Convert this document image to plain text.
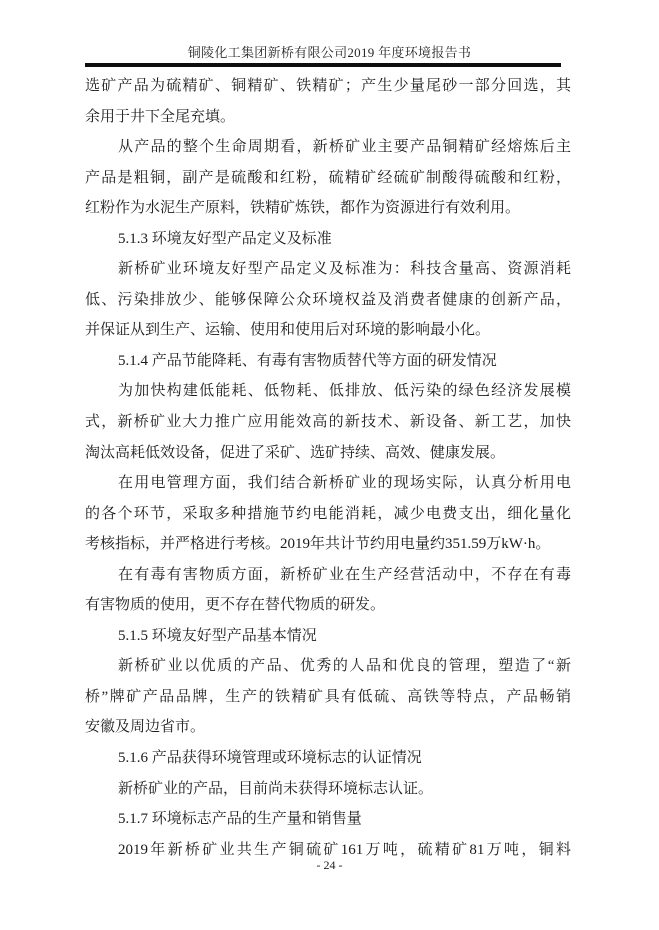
铜陵化工集团新桥有限公司2019 年度环境报告书
选矿产品为硫精矿、铜精矿、铁精矿；产生少量尾砂一部分回选，其
余用于井下全尾充填。
从产品的整个生命周期看，新桥矿业主要产品铜精矿经熔炼后主
产品是粗铜，副产是硫酸和红粉，硫精矿经硫矿制酸得硫酸和红粉，
红粉作为水泥生产原料，铁精矿炼铁，都作为资源进行有效利用。
5.1.3 环境友好型产品定义及标准
新桥矿业环境友好型产品定义及标准为：科技含量高、资源消耗
低、污染排放少、能够保障公众环境权益及消费者健康的创新产品，
并保证从到生产、运输、使用和使用后对环境的影响最小化。
5.1.4 产品节能降耗、有毒有害物质替代等方面的研发情况
为加快构建低能耗、低物耗、低排放、低污染的绿色经济发展模
式，新桥矿业大力推广应用能效高的新技术、新设备、新工艺，加快
淘汰高耗低效设备，促进了采矿、选矿持续、高效、健康发展。
在用电管理方面，我们结合新桥矿业的现场实际，认真分析用电
的各个环节，采取多种措施节约电能消耗，减少电费支出，细化量化
考核指标，并严格进行考核。2019年共计节约用电量约351.59万kW·h。
在有毒有害物质方面，新桥矿业在生产经营活动中，不存在有毒
有害物质的使用，更不存在替代物质的研发。
5.1.5 环境友好型产品基本情况
新桥矿业以优质的产品、优秀的人品和优良的管理，塑造了“新
桥”牌矿产品品牌，生产的铁精矿具有低硫、高铁等特点，产品畅销
安徽及周边省市。
5.1.6 产品获得环境管理或环境标志的认证情况
新桥矿业的产品，目前尚未获得环境标志认证。
5.1.7 环境标志产品的生产量和销售量
2019年新桥矿业共生产铜硫矿161万吨，硫精矿81万吨，铜料
- 24 -
